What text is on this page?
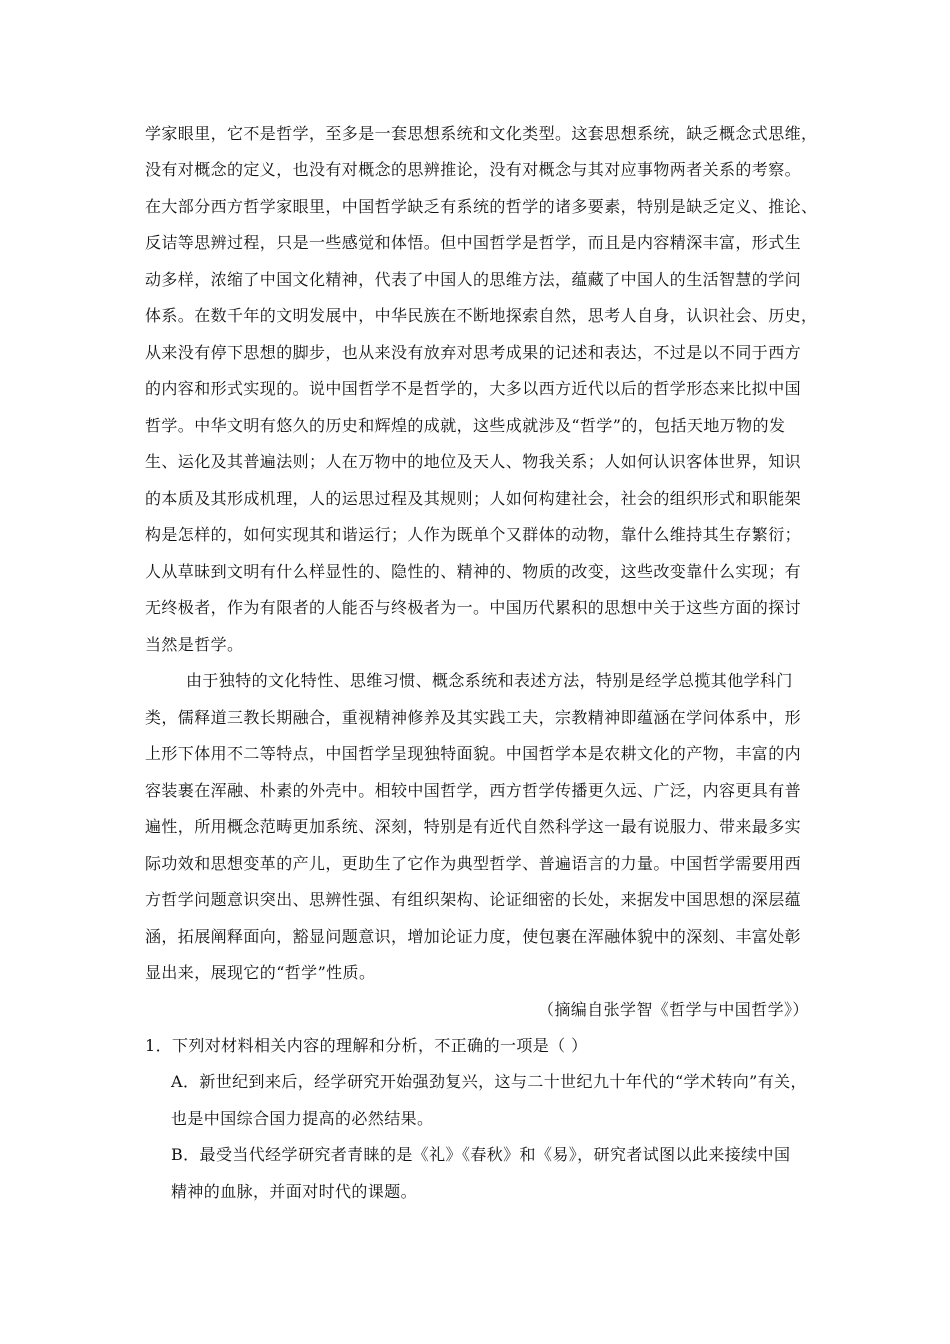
学家眼里，它不是哲学，至多是一套思想系统和文化类型。这套思想系统，缺乏概念式思维，
没有对概念的定义，也没有对概念的思辨推论，没有对概念与其对应事物两者关系的考察。
在大部分西方哲学家眼里，中国哲学缺乏有系统的哲学的诸多要素，特别是缺乏定义、推论、
反诘等思辨过程，只是一些感觉和体悟。但中国哲学是哲学，而且是内容精深丰富，形式生
动多样，浓缩了中国文化精神，代表了中国人的思维方法，蕴藏了中国人的生活智慧的学问
体系。在数千年的文明发展中，中华民族在不断地探索自然，思考人自身，认识社会、历史，
从来没有停下思想的脚步，也从来没有放弃对思考成果的记述和表达，不过是以不同于西方
的内容和形式实现的。说中国哲学不是哲学的，大多以西方近代以后的哲学形态来比拟中国
哲学。中华文明有悠久的历史和辉煌的成就，这些成就涉及“哲学”的，包括天地万物的发
生、运化及其普遍法则；人在万物中的地位及天人、物我关系；人如何认识客体世界，知识
的本质及其形成机理，人的运思过程及其规则；人如何构建社会，社会的组织形式和职能架
构是怎样的，如何实现其和谐运行；人作为既单个又群体的动物，靠什么维持其生存繁衍；
人从草昧到文明有什么样显性的、隐性的、精神的、物质的改变，这些改变靠什么实现；有
无终极者，作为有限者的人能否与终极者为一。中国历代累积的思想中关于这些方面的探讨
当然是哲学。
由于独特的文化特性、思维习惯、概念系统和表述方法，特别是经学总揽其他学科门
类，儒释道三教长期融合，重视精神修养及其实践工夫，宗教精神即蕴涵在学问体系中，形
上形下体用不二等特点，中国哲学呈现独特面貌。中国哲学本是农耕文化的产物，丰富的内
容装裹在浑融、朴素的外壳中。相较中国哲学，西方哲学传播更久远、广泛，内容更具有普
遍性，所用概念范畴更加系统、深刻，特别是有近代自然科学这一最有说服力、带来最多实
际功效和思想变革的产儿，更助生了它作为典型哲学、普遍语言的力量。中国哲学需要用西
方哲学问题意识突出、思辨性强、有组织架构、论证细密的长处，来据发中国思想的深层蕴
涵，拓展阐释面向，豁显问题意识，增加论证力度，使包裹在浑融体貌中的深刻、丰富处彰
显出来，展现它的“哲学”性质。
（摘编自张学智《哲学与中国哲学》）
1．下列对材料相关内容的理解和分析，不正确的一项是（ ）
A．新世纪到来后，经学研究开始强劲复兴，这与二十世纪九十年代的“学术转向”有关，
也是中国综合国力提高的必然结果。
B．最受当代经学研究者青睐的是《礼》《春秋》和《易》，研究者试图以此来接续中国
精神的血脉，并面对时代的课题。
